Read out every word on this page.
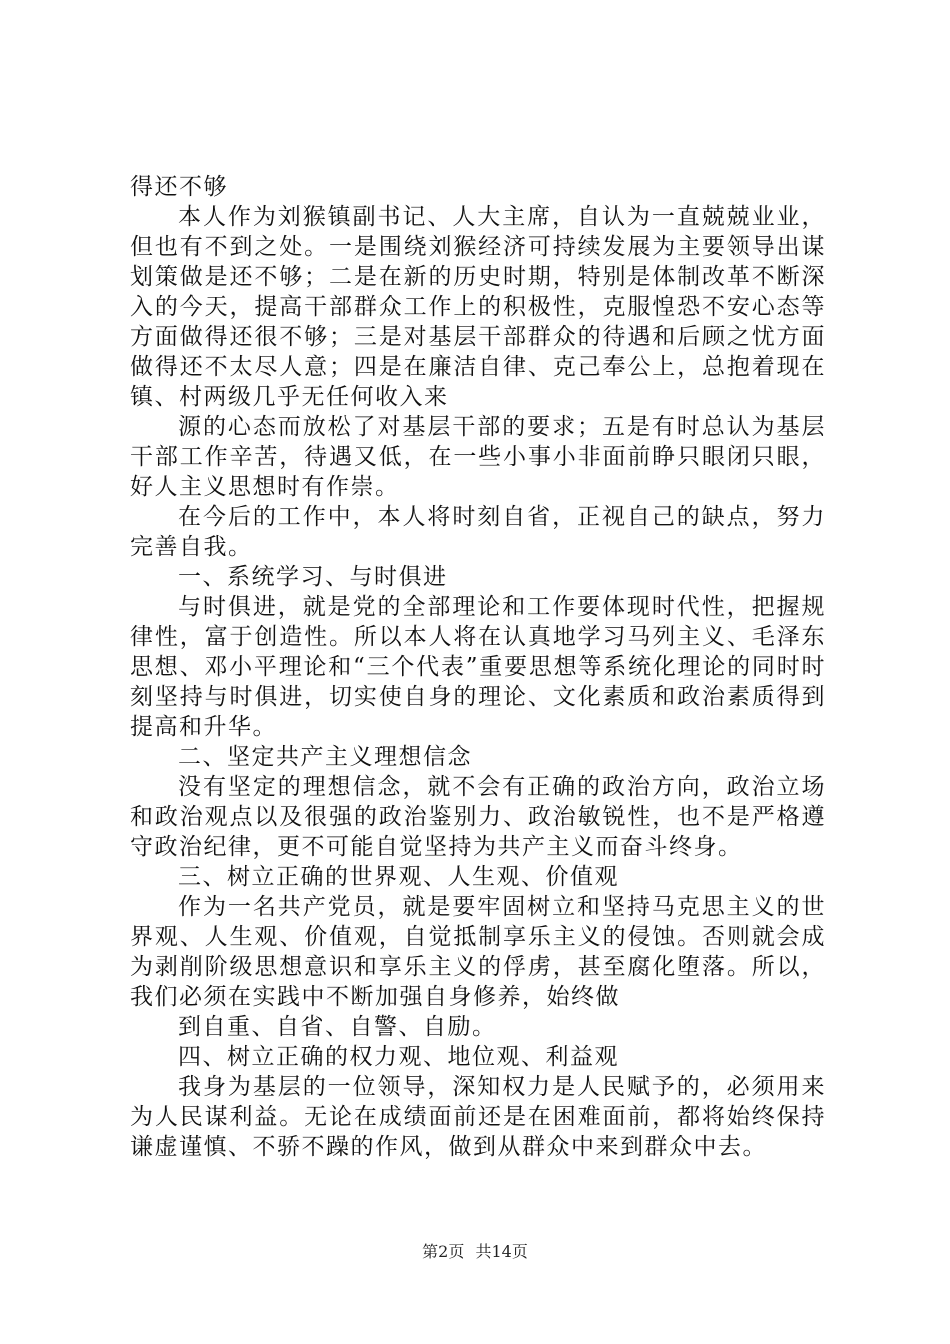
得还不够

本人作为刘猴镇副书记、人大主席，自认为一直兢兢业业，但也有不到之处。一是围绕刘猴经济可持续发展为主要领导出谋划策做是还不够；二是在新的历史时期，特别是体制改革不断深入的今天，提高干部群众工作上的积极性，克服惶恐不安心态等方面做得还很不够；三是对基层干部群众的待遇和后顾之忧方面做得还不太尽人意；四是在廉洁自律、克己奉公上，总抱着现在镇、村两级几乎无任何收入来

源的心态而放松了对基层干部的要求；五是有时总认为基层干部工作辛苦，待遇又低，在一些小事小非面前睁只眼闭只眼，好人主义思想时有作崇。

在今后的工作中，本人将时刻自省，正视自己的缺点，努力完善自我。

一、系统学习、与时俱进

与时俱进，就是党的全部理论和工作要体现时代性，把握规律性，富于创造性。所以本人将在认真地学习马列主义、毛泽东思想、邓小平理论和“三个代表”重要思想等系统化理论的同时时刻坚持与时俱进，切实使自身的理论、文化素质和政治素质得到提高和升华。

二、坚定共产主义理想信念

没有坚定的理想信念，就不会有正确的政治方向，政治立场和政治观点以及很强的政治鉴别力、政治敏锐性，也不是严格遵守政治纪律，更不可能自觉坚持为共产主义而奋斗终身。

三、树立正确的世界观、人生观、价值观

作为一名共产党员，就是要牢固树立和坚持马克思主义的世界观、人生观、价值观，自觉抵制享乐主义的侵蚀。否则就会成为剥削阶级思想意识和享乐主义的俘虏，甚至腐化堕落。所以，我们必须在实践中不断加强自身修养，始终做

到自重、自省、自警、自励。

四、树立正确的权力观、地位观、利益观

我身为基层的一位领导，深知权力是人民赋予的，必须用来为人民谋利益。无论在成绩面前还是在困难面前，都将始终保持谦虚谨慎、不骄不躁的作风，做到从群众中来到群众中去。

第2页 共14页
